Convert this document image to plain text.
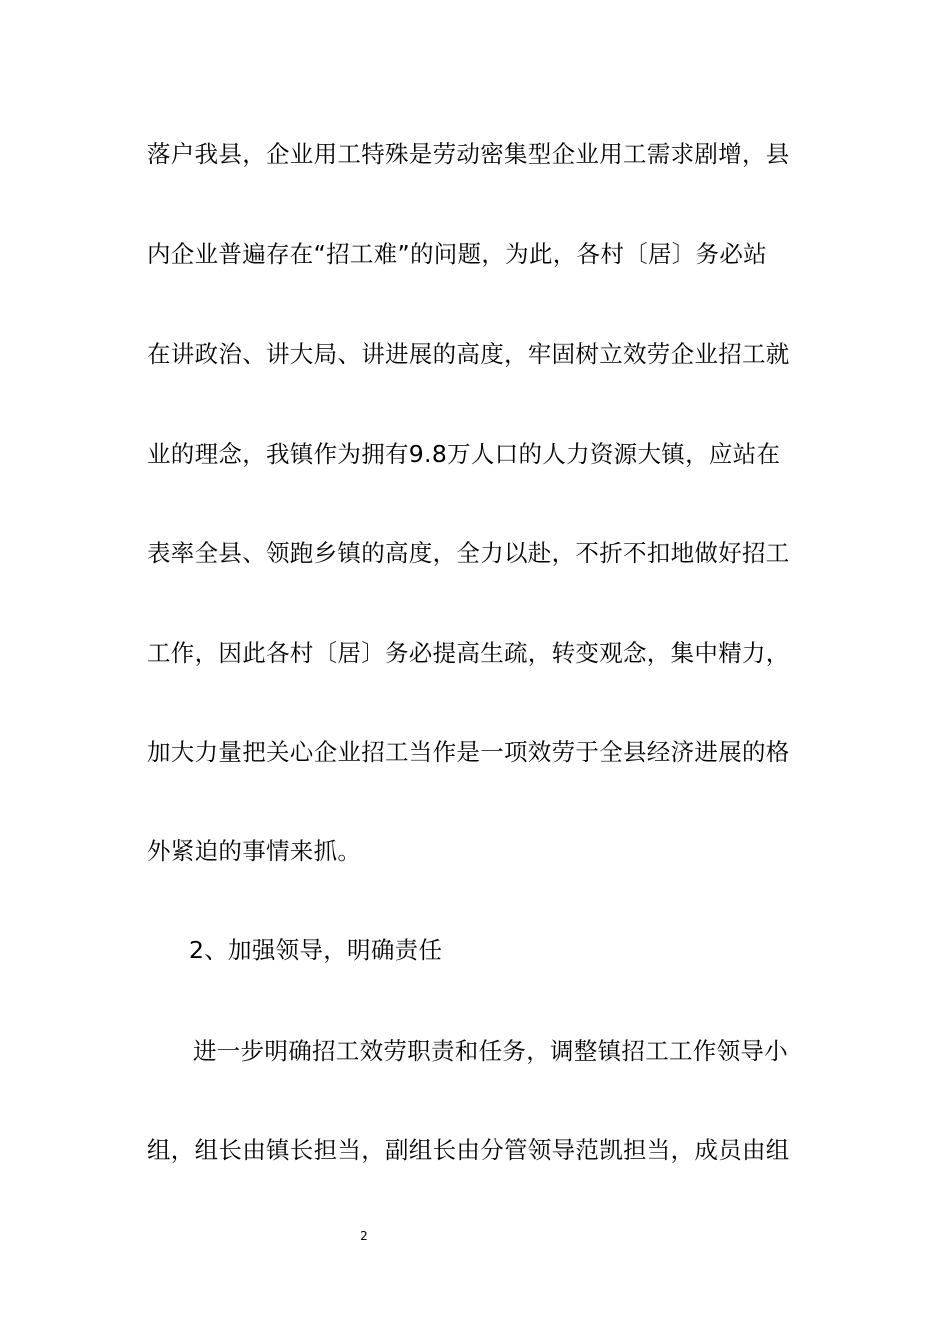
落户我县，企业用工特殊是劳动密集型企业用工需求剧增，县
内企业普遍存在“招工难”的问题，为此，各村〔居〕务必站
在讲政治、讲大局、讲进展的高度，牢固树立效劳企业招工就
业的理念，我镇作为拥有9.8万人口的人力资源大镇，应站在
表率全县、领跑乡镇的高度，全力以赴，不折不扣地做好招工
工作，因此各村〔居〕务必提高生疏，转变观念，集中精力，
加大力量把关心企业招工当作是一项效劳于全县经济进展的格
外紧迫的事情来抓。
2、加强领导，明确责任
进一步明确招工效劳职责和任务，调整镇招工工作领导小
组，组长由镇长担当，副组长由分管领导范凯担当，成员由组
2
